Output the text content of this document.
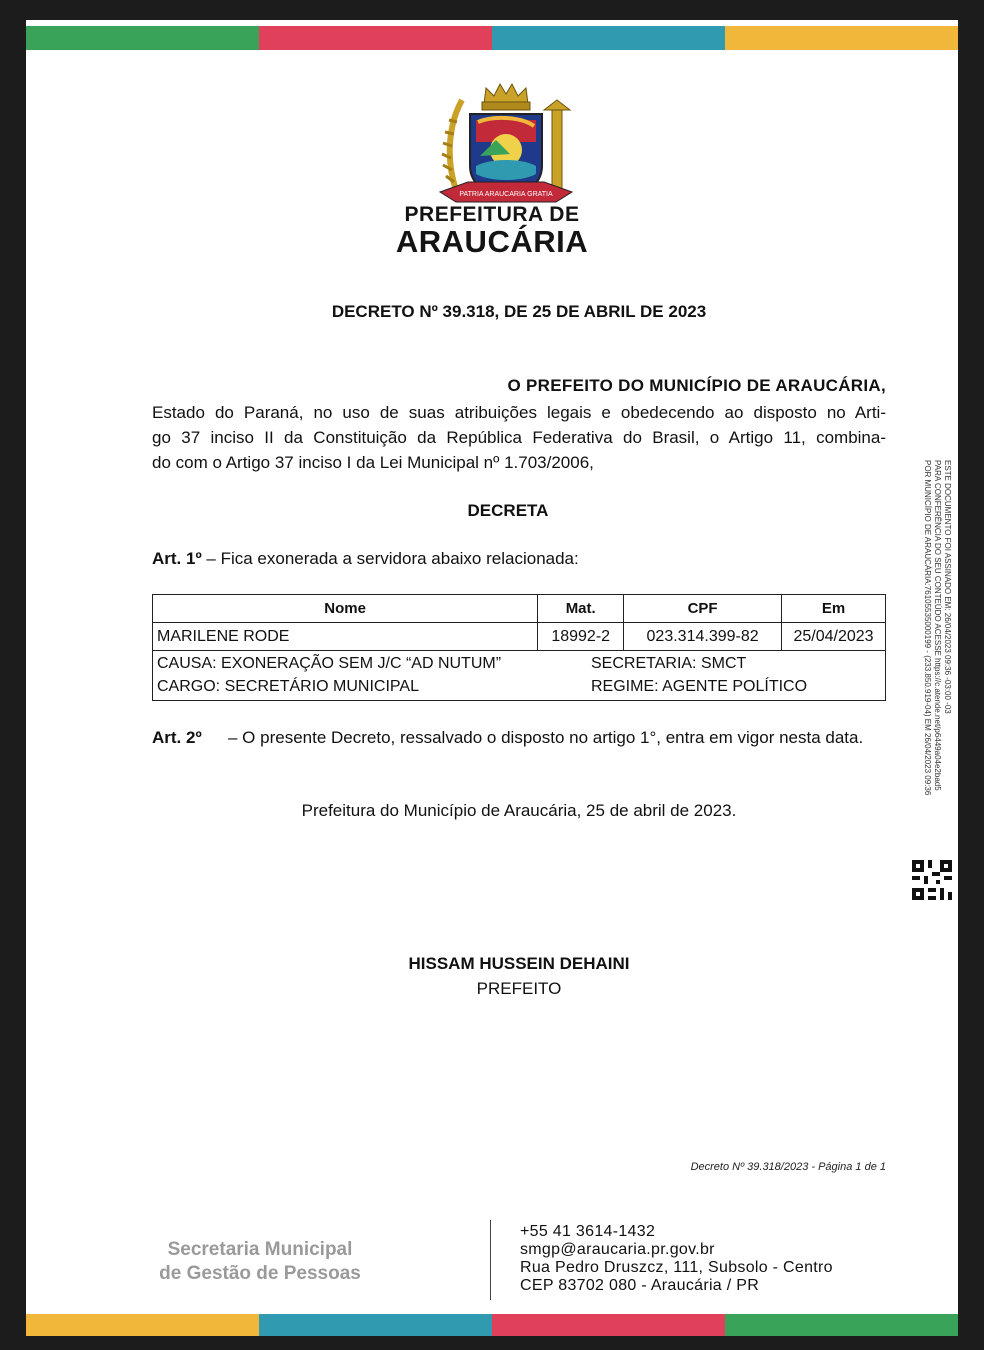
PATRIA ARAUCARIA GRATIA
PREFEITURA DE
ARAUCÁRIA
DECRETO Nº 39.318, DE 25 DE ABRIL DE 2023
O PREFEITO DO MUNICÍPIO DE ARAUCÁRIA,

Estado do Paraná, no uso de suas atribuições legais e obedecendo ao disposto no Arti-

go 37 inciso II da Constituição da República Federativa do Brasil, o Artigo 11, combina-

do com o Artigo 37 inciso I da Lei Municipal nº 1.703/2006,

DECRETA
Art. 1º – Fica exonerada a servidora abaixo relacionada:
Nome	Mat.	CPF	Em
MARILENE RODE	18992-2	023.314.399-82	25/04/2023

CAUSA: EXONERAÇÃO SEM J/C “AD NUTUM” SECRETARIA: SMCT
CARGO: SECRETÁRIO MUNICIPAL REGIME: AGENTE POLÍTICO			
Art. 2º	– O presente Decreto, ressalvado o disposto no artigo 1°, entra em vigor nesta data.
Prefeitura do Município de Araucária, 25 de abril de 2023.
HISSAM HUSSEIN DEHAINI
PREFEITO
Decreto Nº 39.318/2023 - Página 1 de 1
ESTE DOCUMENTO FOI ASSINADO EM: 26/04/2023 09:36 -03:00 -03
PARA CONFERÊNCIA DO SEU CONTEÚDO ACESSE https://c.atende.net/p6449a04e2bad5
POR MUNICÍPIO DE ARAUCÁRIA:76105535000199 - (233.850.919-04) EM 26/04/2023 09:36
Secretaria Municipal
de Gestão de Pessoas
+55 41 3614-1432
smgp@araucaria.pr.gov.br
Rua Pedro Druszcz, 111, Subsolo - Centro
CEP 83702 080 - Araucária / PR
